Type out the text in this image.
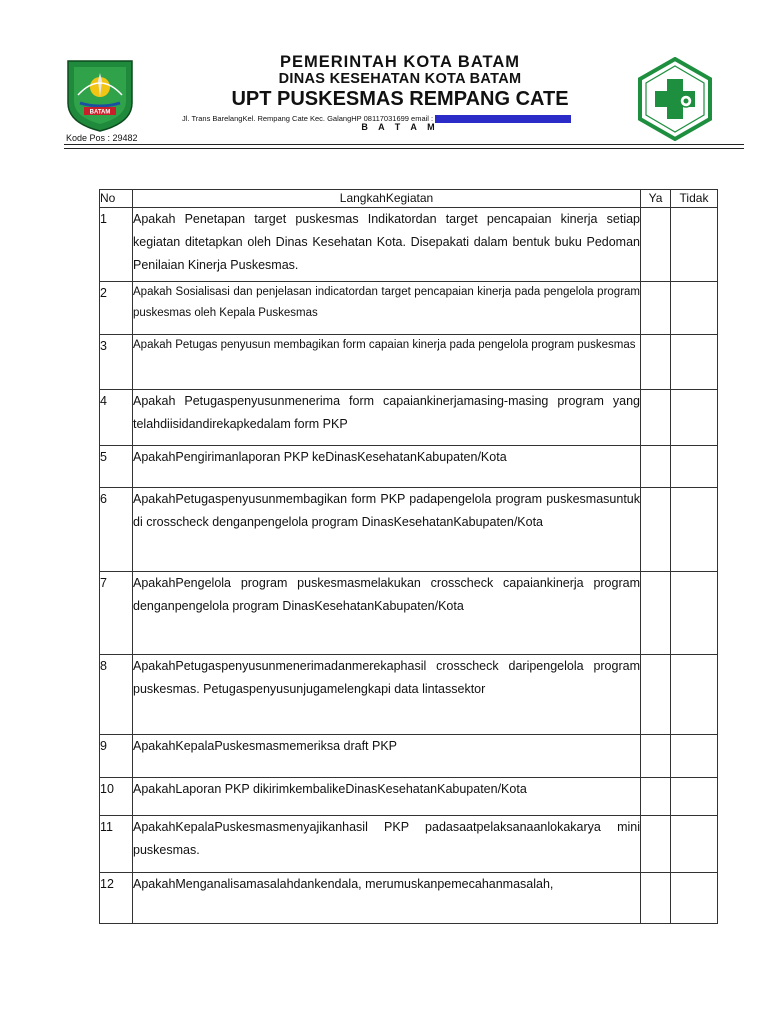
BATAM
PEMERINTAH KOTA BATAM
DINAS KESEHATAN KOTA BATAM
UPT PUSKESMAS REMPANG CATE
Jl. Trans BarelangKel. Rempang Cate Kec. GalangHP 08117031699 email :
B A T A M
Kode Pos : 29482
No	LangkahKegiatan	Ya	Tidak
1	Apakah Penetapan target puskesmas Indikatordan target pencapaian kinerja setiap kegiatan ditetapkan oleh Dinas Kesehatan Kota. Disepakati dalam bentuk buku Pedoman Penilaian Kinerja Puskesmas.		
2	Apakah Sosialisasi dan penjelasan indicatordan target pencapaian kinerja pada pengelola program puskesmas oleh Kepala Puskesmas		
3	Apakah Petugas penyusun membagikan form capaian kinerja pada pengelola program puskesmas		
4	Apakah Petugaspenyusunmenerima form capaiankinerjamasing-masing program yang telahdiisidandirekapkedalam form PKP		
5	ApakahPengirimanlaporan PKP keDinasKesehatanKabupaten/Kota		
6	ApakahPetugaspenyusunmembagikan form PKP padapengelola program puskesmasuntuk di crosscheck denganpengelola program DinasKesehatanKabupaten/Kota		
7	ApakahPengelola program puskesmasmelakukan crosscheck capaiankinerja program denganpengelola program DinasKesehatanKabupaten/Kota		
8	ApakahPetugaspenyusunmenerimadanmerekaphasil crosscheck daripengelola program puskesmas. Petugaspenyusunjugamelengkapi data lintassektor		
9	ApakahKepalaPuskesmasmemeriksa draft PKP		
10	ApakahLaporan PKP dikirimkembalikeDinasKesehatanKabupaten/Kota		
11	ApakahKepalaPuskesmasmenyajikanhasil PKP padasaatpelaksanaanlokakarya mini puskesmas.		
12	ApakahMenganalisamasalahdankendala, merumuskanpemecahanmasalah,		
